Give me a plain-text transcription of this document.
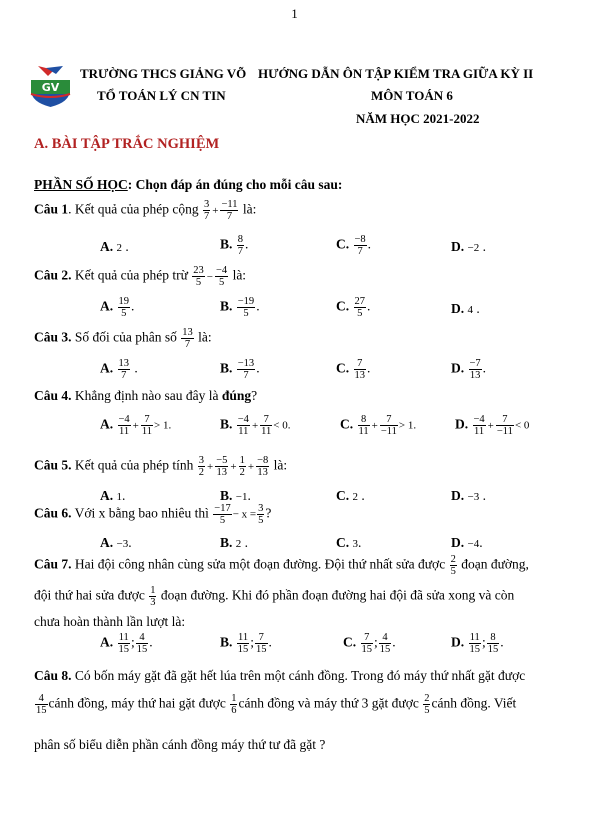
1
GV
TRƯỜNG THCS GIẢNG VÕ
TỔ TOÁN LÝ CN TIN
HƯỚNG DẪN ÔN TẬP KIỂM TRA GIỮA KỲ II
MÔN TOÁN 6
NĂM HỌC 2021-2022
A. BÀI TẬP TRẮC NGHIỆM
PHẦN SỐ HỌC: Chọn đáp án đúng cho mỗi câu sau:
Câu 1. Kết quả của phép cộng $\frac{3}{7} + \frac{-11}{7}$ là:
A. 2 .	B. $\frac{8}{7}$ .	C. $\frac{-8}{7}$ .	D. −2 .
Câu 2. Kết quả của phép trừ $\frac{23}{5} - \frac{-4}{5}$ là:
A. $\frac{19}{5}$ .	B. $\frac{-19}{5}$ .	C. $\frac{27}{5}$ .	D. 4 .
Câu 3. Số đối của phân số $\frac{13}{7}$ là:
A. $\frac{13}{7}$ .	B. $\frac{-13}{7}$ .	C. $\frac{7}{13}$ .	D. $\frac{-7}{13}$ .
Câu 4. Khẳng định nào sau đây là đúng?
A. $\frac{-4}{11} + \frac{7}{11} > 1$.	B. $\frac{-4}{11} + \frac{7}{11} < 0$.	C. $\frac{8}{11} + \frac{7}{-11} > 1$.	D. $\frac{-4}{11} + \frac{7}{-11} < 0$
Câu 5. Kết quả của phép tính $\frac{3}{2} + \frac{-5}{13} + \frac{1}{2} + \frac{-8}{13}$ là:
A. 1.	B. −1.	C. 2 .	D. −3 .
Câu 6. Với x bằng bao nhiêu thì $\frac{-17}{5} - x = \frac{3}{5}$ ?
A. −3.	B. 2 .	C. 3.	D. −4.
Câu 7. Hai đội công nhân cùng sửa một đoạn đường. Đội thứ nhất sửa được $\frac{2}{5}$ đoạn đường,
đội thứ hai sửa được $\frac{1}{3}$ đoạn đường. Khi đó phần đoạn đường hai đội đã sửa xong và còn
chưa hoàn thành lần lượt là:
A. $\frac{11}{15}$ ; $\frac{4}{15}$ .	B. $\frac{11}{15}$ ; $\frac{7}{15}$ .	C. $\frac{7}{15}$ ; $\frac{4}{15}$ .	D. $\frac{11}{15}$ ; $\frac{8}{15}$ .
Câu 8. Có bốn máy gặt đã gặt hết lúa trên một cánh đồng. Trong đó máy thứ nhất gặt được
$\frac{4}{15}$ cánh đồng, máy thứ hai gặt được $\frac{1}{6}$ cánh đồng và máy thứ 3 gặt được $\frac{2}{5}$ cánh đồng. Viết
phân số biểu diễn phần cánh đồng máy thứ tư đã gặt ?
